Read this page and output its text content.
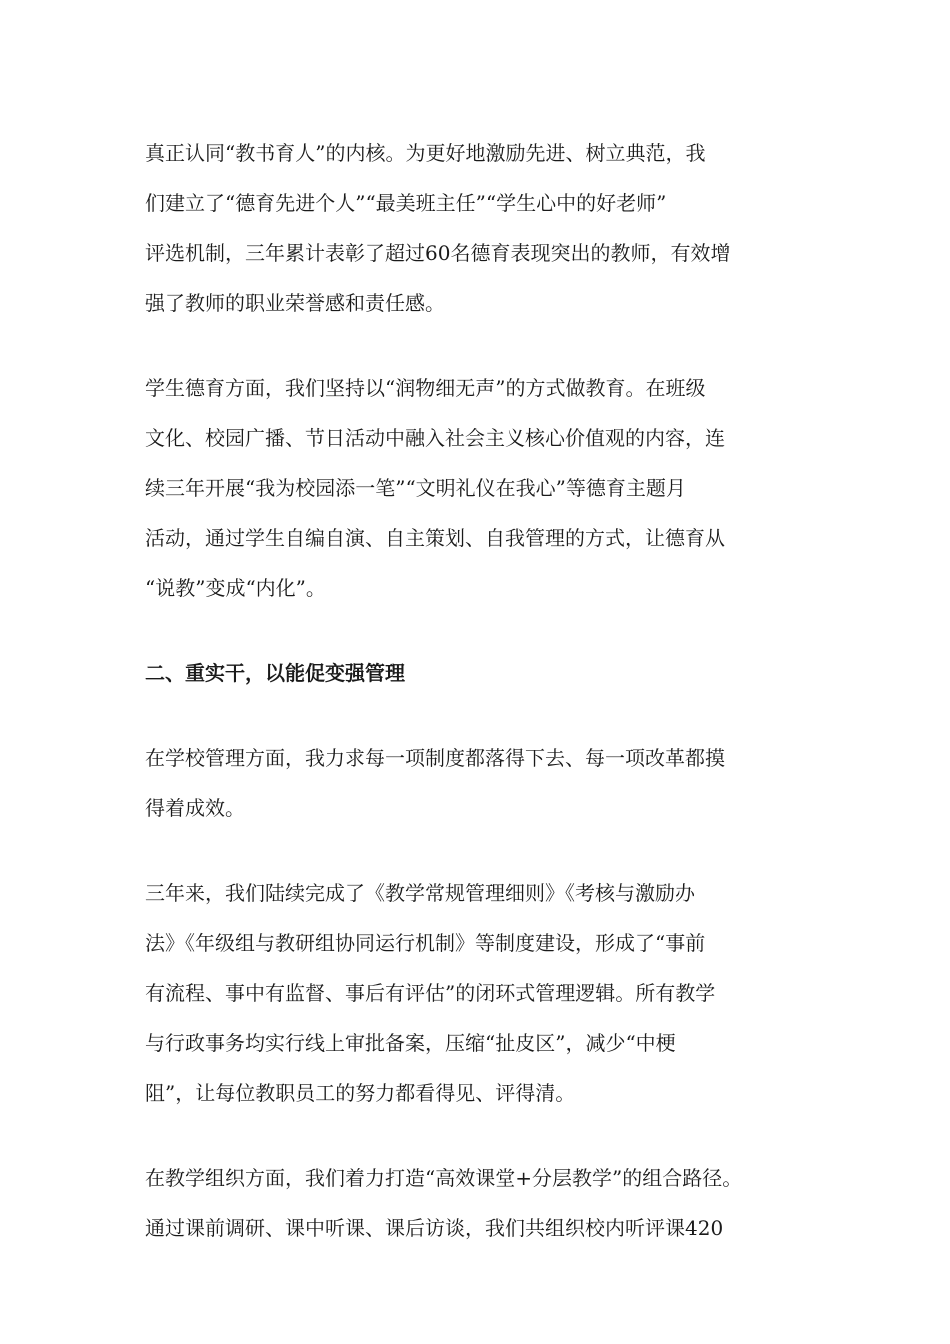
真正认同“教书育人”的内核。为更好地激励先进、树立典范，我
们建立了“德育先进个人”“最美班主任”“学生心中的好老师”
评选机制，三年累计表彰了超过60名德育表现突出的教师，有效增
强了教师的职业荣誉感和责任感。
学生德育方面，我们坚持以“润物细无声”的方式做教育。在班级
文化、校园广播、节日活动中融入社会主义核心价值观的内容，连
续三年开展“我为校园添一笔”“文明礼仪在我心”等德育主题月
活动，通过学生自编自演、自主策划、自我管理的方式，让德育从
“说教”变成“内化”。
二、重实干，以能促变强管理
在学校管理方面，我力求每一项制度都落得下去、每一项改革都摸
得着成效。
三年来，我们陆续完成了《教学常规管理细则》《考核与激励办
法》《年级组与教研组协同运行机制》等制度建设，形成了“事前
有流程、事中有监督、事后有评估”的闭环式管理逻辑。所有教学
与行政事务均实行线上审批备案，压缩“扯皮区”，减少“中梗
阻”，让每位教职员工的努力都看得见、评得清。
在教学组织方面，我们着力打造“高效课堂+分层教学”的组合路径。
通过课前调研、课中听课、课后访谈，我们共组织校内听评课420
